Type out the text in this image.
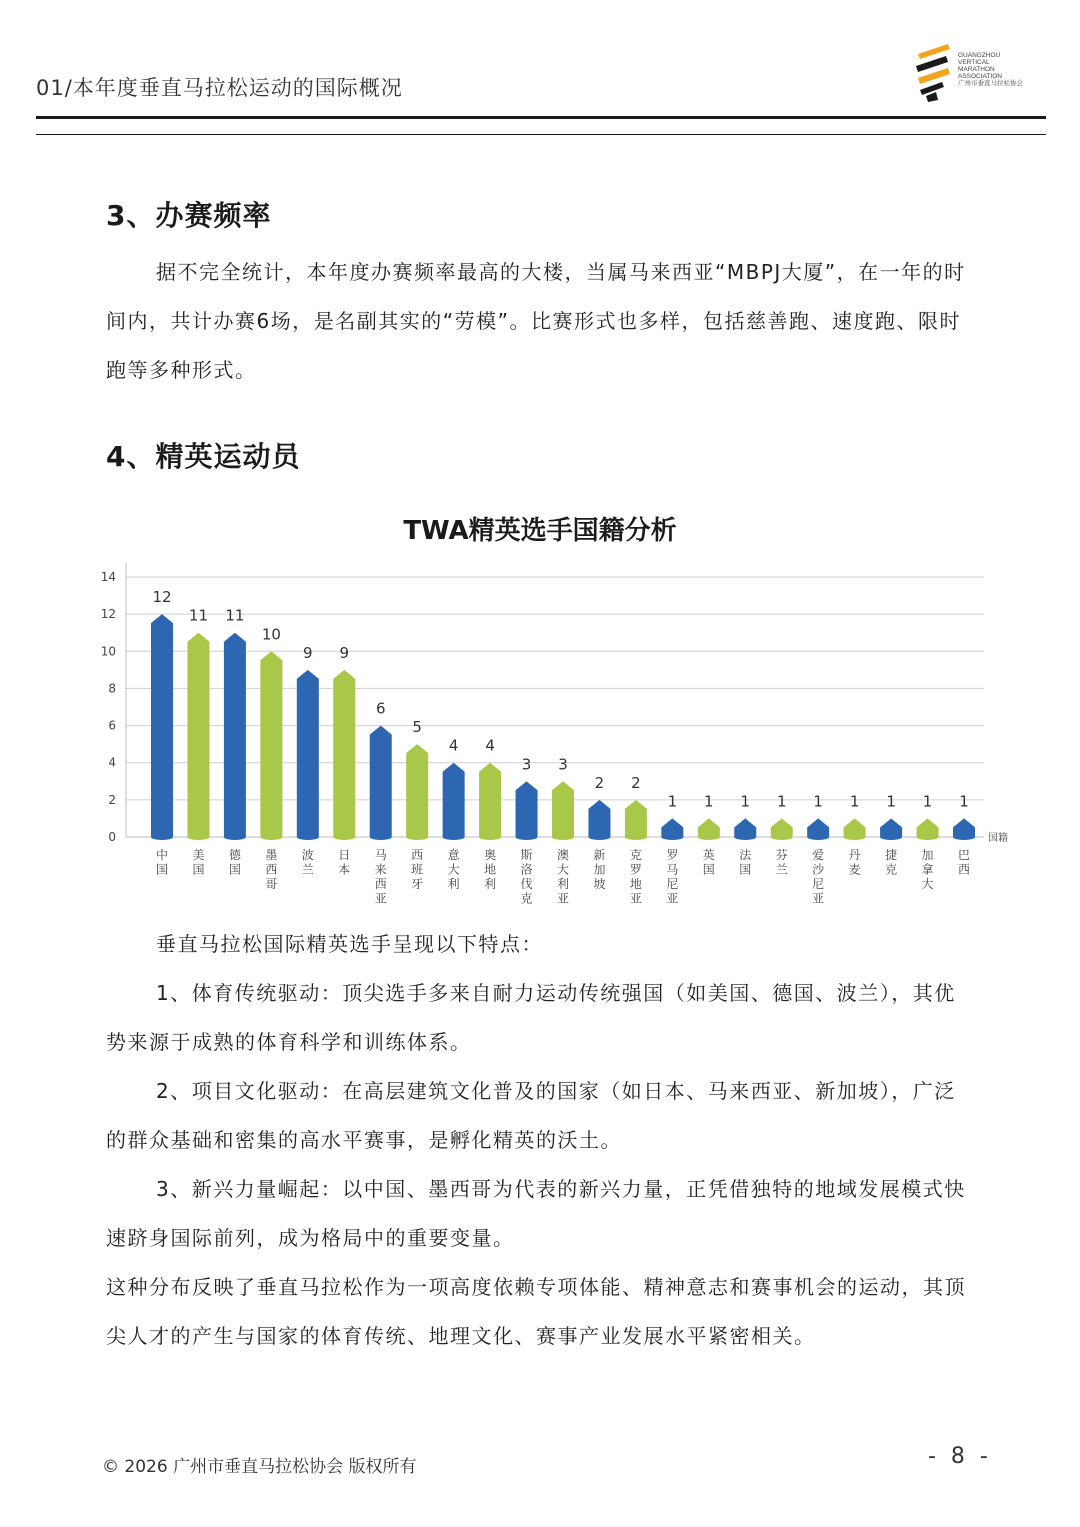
01/本年度垂直马拉松运动的国际概况
GUANGZHOU
VERTICAL
MARATHON
ASSOCIATION
广州市垂直马拉松协会
3、办赛频率

据不完全统计，本年度办赛频率最高的大楼，当属马来西亚“MBPJ大厦”，在一年的时间内，共计办赛6场，是名副其实的“劳模”。比赛形式也多样，包括慈善跑、速度跑、限时跑等多种形式。

4、精英运动员
TWA精英选手国籍分析
0
2
4
6
8
10
12
14
12
中国
11
美国
11
德国
10
墨西哥
9
波兰
9
日本
6
马来西亚
5
西班牙
4
意大利
4
奥地利
3
斯洛伐克
3
澳大利亚
2
新加坡
2
克罗地亚
1
罗马尼亚
1
英国
1
法国
1
芬兰
1
爱沙尼亚
1
丹麦
1
捷克
1
加拿大
1
巴西
国籍

垂直马拉松国际精英选手呈现以下特点：

1、体育传统驱动：顶尖选手多来自耐力运动传统强国（如美国、德国、波兰），其优势来源于成熟的体育科学和训练体系。

2、项目文化驱动：在高层建筑文化普及的国家（如日本、马来西亚、新加坡），广泛的群众基础和密集的高水平赛事，是孵化精英的沃土。

3、新兴力量崛起：以中国、墨西哥为代表的新兴力量，正凭借独特的地域发展模式快速跻身国际前列，成为格局中的重要变量。

这种分布反映了垂直马拉松作为一项高度依赖专项体能、精神意志和赛事机会的运动，其顶尖人才的产生与国家的体育传统、地理文化、赛事产业发展水平紧密相关。

© 2026 广州市垂直马拉松协会 版权所有	- 8 -
